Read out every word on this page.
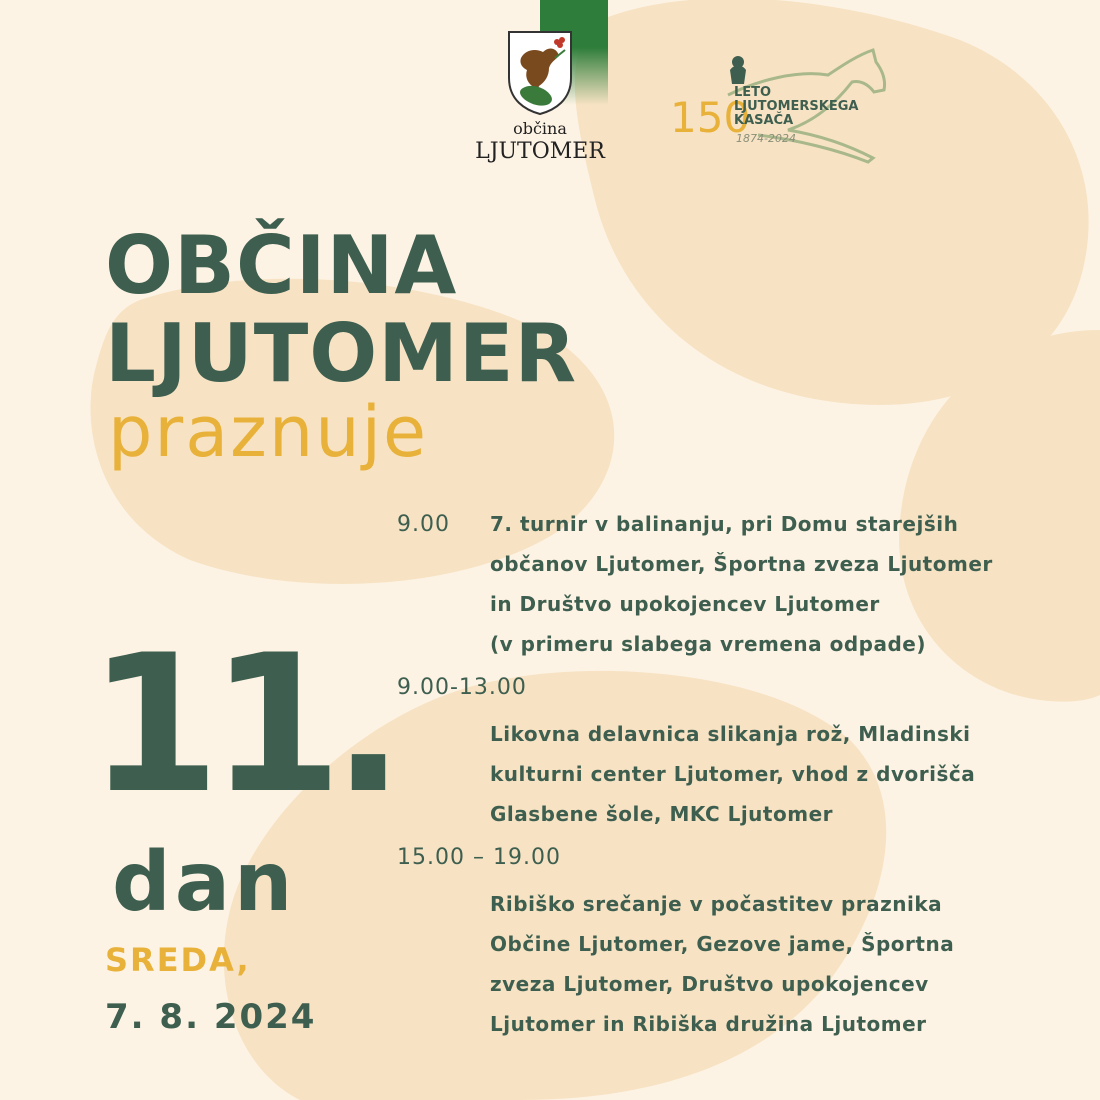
občina
LJUTOMER
150
LETO
LJUTOMERSKEGA
KASAČA
1874-2024
OBČINA
LJUTOMER
praznuje
11.
dan
SREDA,
7. 8. 2024
9.00 7. turnir v balinanju, pri Domu starejših
občanov Ljutomer, Športna zveza Ljutomer
in Društvo upokojencev Ljutomer
(v primeru slabega vremena odpade)
9.00-13.00
Likovna delavnica slikanja rož, Mladinski
kulturni center Ljutomer, vhod z dvorišča
Glasbene šole, MKC Ljutomer
15.00 – 19.00
Ribiško srečanje v počastitev praznika
Občine Ljutomer, Gezove jame, Športna
zveza Ljutomer, Društvo upokojencev
Ljutomer in Ribiška družina Ljutomer
